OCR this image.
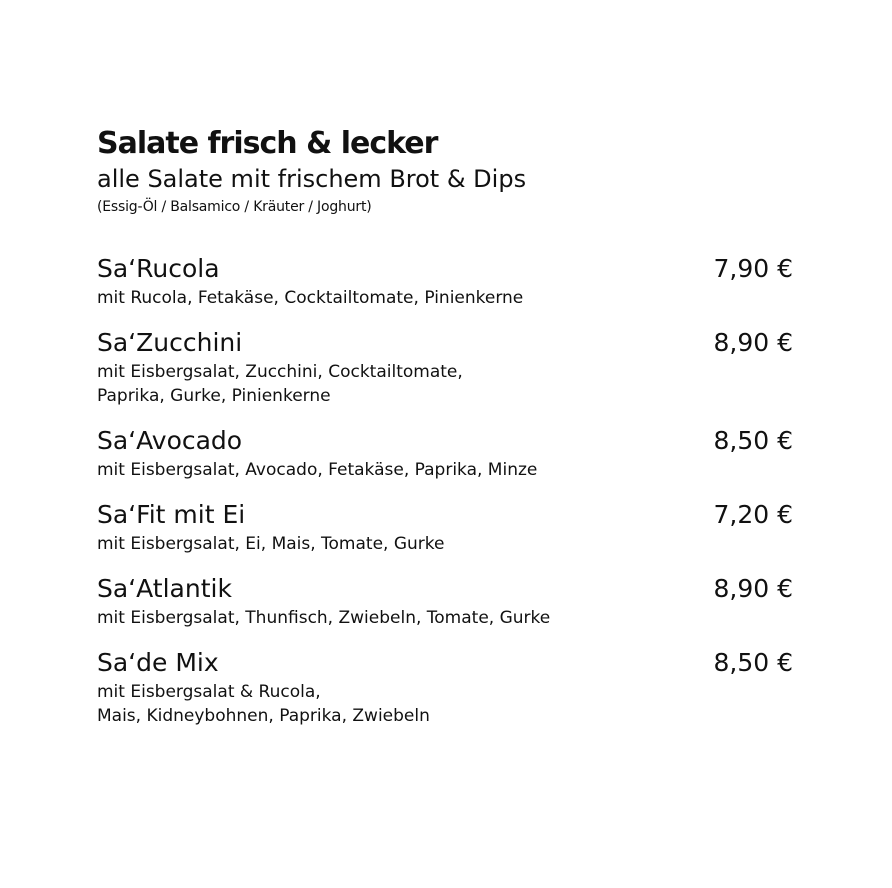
Salate frisch & lecker
alle Salate mit frischem Brot & Dips
(Essig-Öl / Balsamico / Kräuter / Joghurt)
Sa‘Rucola	7,90 €
mit Rucola, Fetakäse, Cocktailtomate, Pinienkerne
Sa‘Zucchini	8,90 €
mit Eisbergsalat, Zucchini, Cocktailtomate,
Paprika, Gurke, Pinienkerne
Sa‘Avocado	8,50 €
mit Eisbergsalat, Avocado, Fetakäse, Paprika, Minze
Sa‘Fit mit Ei	7,20 €
mit Eisbergsalat, Ei, Mais, Tomate, Gurke
Sa‘Atlantik	8,90 €
mit Eisbergsalat, Thunfisch, Zwiebeln, Tomate, Gurke
Sa‘de Mix	8,50 €
mit Eisbergsalat & Rucola,
Mais, Kidneybohnen, Paprika, Zwiebeln
